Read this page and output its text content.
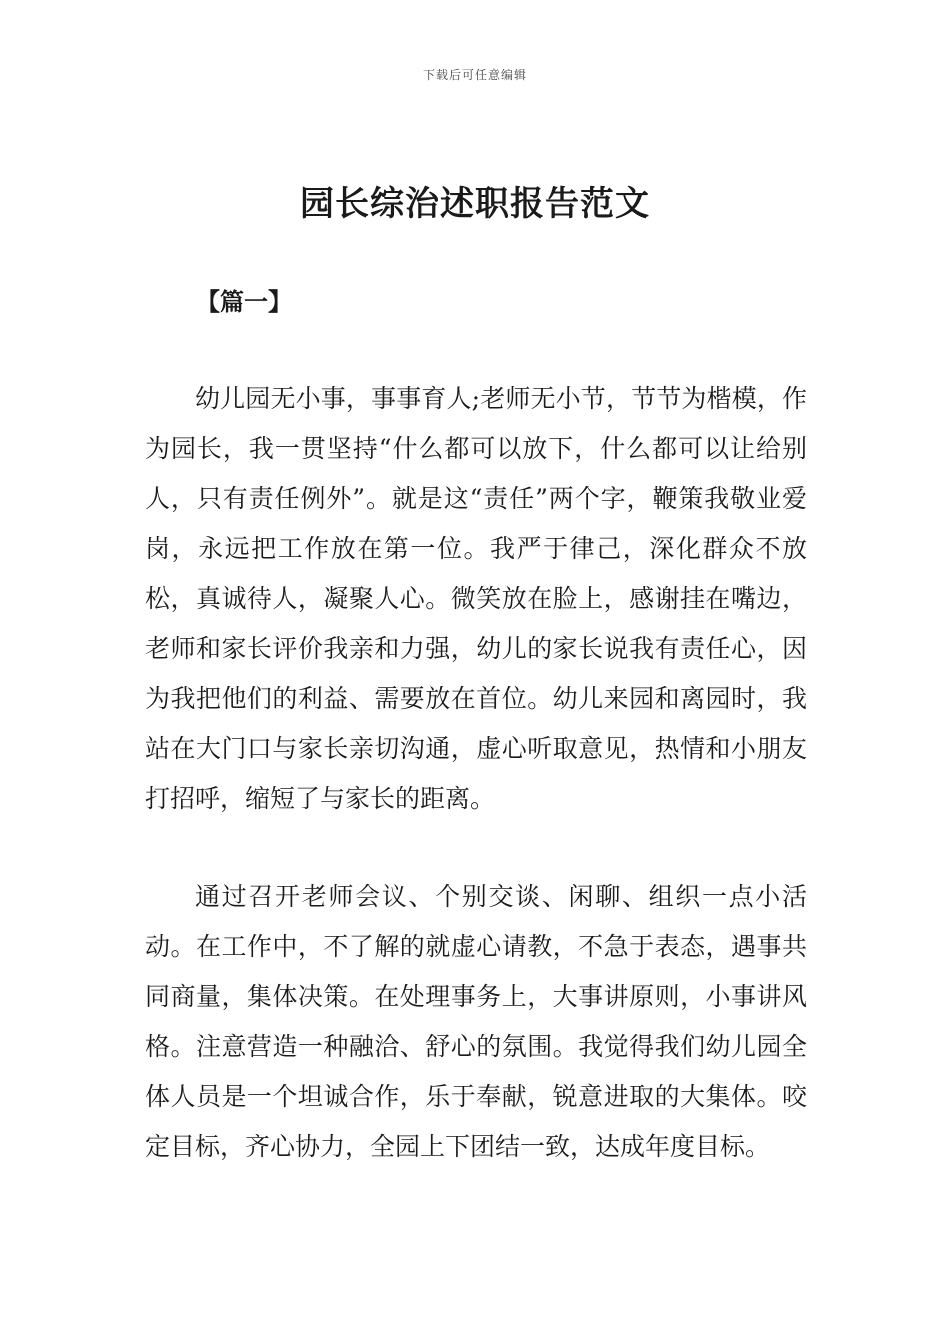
下载后可任意编辑
园长综治述职报告范文
【篇一】

幼儿园无小事，事事育人;老师无小节，节节为楷模，作为园长，我一贯坚持“什么都可以放下，什么都可以让给别人，只有责任例外”。就是这“责任”两个字，鞭策我敬业爱岗，永远把工作放在第一位。我严于律己，深化群众不放松，真诚待人，凝聚人心。微笑放在脸上，感谢挂在嘴边，老师和家长评价我亲和力强，幼儿的家长说我有责任心，因为我把他们的利益、需要放在首位。幼儿来园和离园时，我站在大门口与家长亲切沟通，虚心听取意见，热情和小朋友打招呼，缩短了与家长的距离。

通过召开老师会议、个别交谈、闲聊、组织一点小活动。在工作中，不了解的就虚心请教，不急于表态，遇事共同商量，集体决策。在处理事务上，大事讲原则，小事讲风格。注意营造一种融洽、舒心的氛围。我觉得我们幼儿园全体人员是一个坦诚合作，乐于奉献，锐意进取的大集体。咬定目标，齐心协力，全园上下团结一致，达成年度目标。
